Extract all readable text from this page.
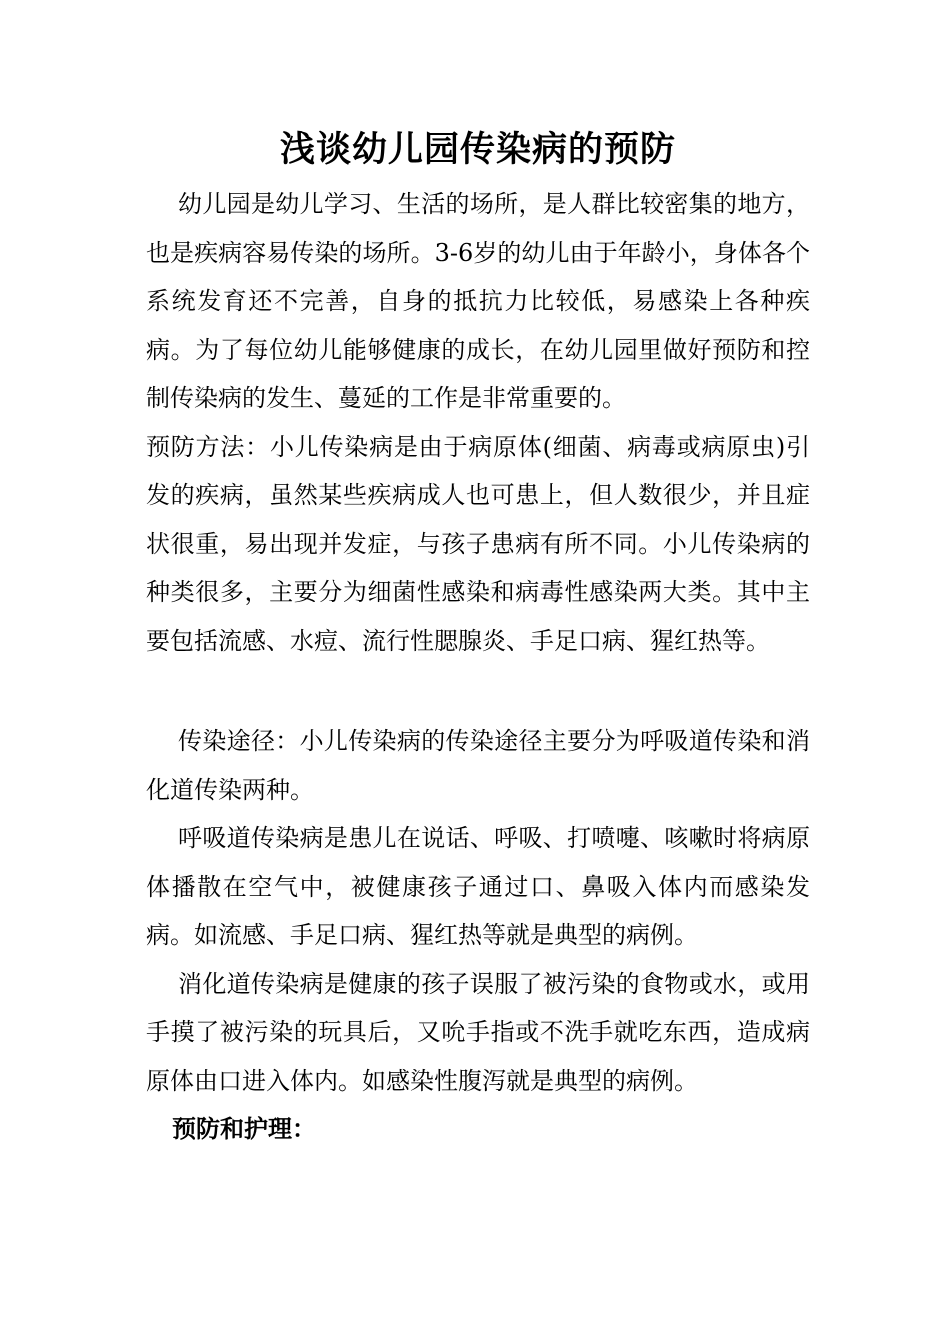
浅谈幼儿园传染病的预防

幼儿园是幼儿学习、生活的场所，是人群比较密集的地方，也是疾病容易传染的场所。3-6岁的幼儿由于年龄小，身体各个系统发育还不完善，自身的抵抗力比较低，易感染上各种疾病。为了每位幼儿能够健康的成长，在幼儿园里做好预防和控制传染病的发生、蔓延的工作是非常重要的。

预防方法：小儿传染病是由于病原体(细菌、病毒或病原虫)引发的疾病，虽然某些疾病成人也可患上，但人数很少，并且症状很重，易出现并发症，与孩子患病有所不同。小儿传染病的种类很多，主要分为细菌性感染和病毒性感染两大类。其中主要包括流感、水痘、流行性腮腺炎、手足口病、猩红热等。

传染途径：小儿传染病的传染途径主要分为呼吸道传染和消化道传染两种。

呼吸道传染病是患儿在说话、呼吸、打喷嚏、咳嗽时将病原体播散在空气中，被健康孩子通过口、鼻吸入体内而感染发病。如流感、手足口病、猩红热等就是典型的病例。

消化道传染病是健康的孩子误服了被污染的食物或水，或用手摸了被污染的玩具后，又吮手指或不洗手就吃东西，造成病原体由口进入体内。如感染性腹泻就是典型的病例。

预防和护理：
